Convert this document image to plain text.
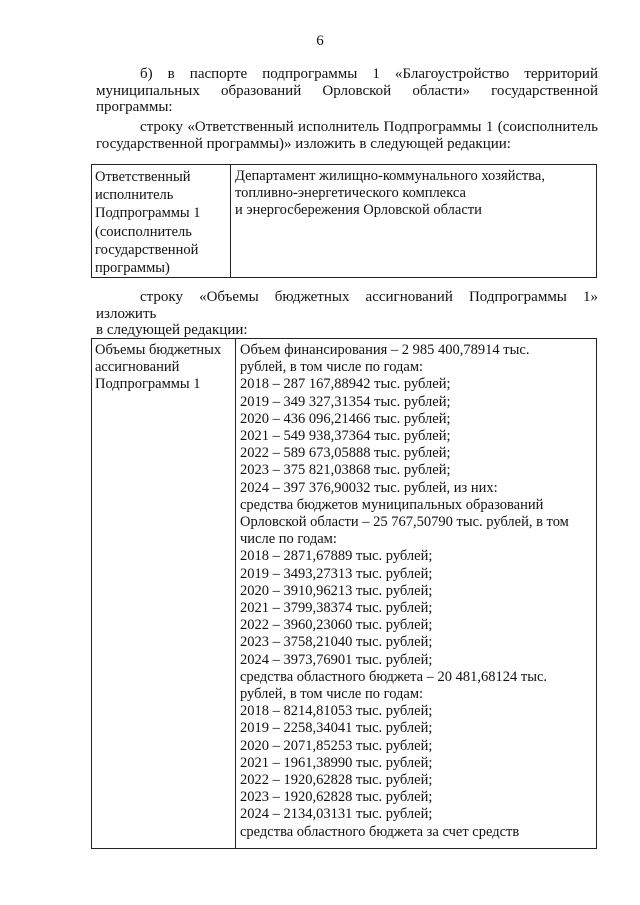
6
б) в паспорте подпрограммы 1 «Благоустройство территорий
муниципальных образований Орловской области» государственной
программы:
строку «Ответственный исполнитель Подпрограммы 1 (соисполнитель
государственной программы)» изложить в следующей редакции:
Ответственный
исполнитель
Подпрограммы 1
(соисполнитель
государственной
программы)

Департамент жилищно-коммунального хозяйства,
топливно-энергетического комплекса
и энергосбережения Орловской области
строку «Объемы бюджетных ассигнований Подпрограммы 1» изложить
в следующей редакции:
Объемы бюджетных
ассигнований
Подпрограммы 1

Объем финансирования – 2 985 400,78914 тыс.
рублей, в том числе по годам:
2018 – 287 167,88942 тыс. рублей;
2019 – 349 327,31354 тыс. рублей;
2020 – 436 096,21466 тыс. рублей;
2021 – 549 938,37364 тыс. рублей;
2022 – 589 673,05888 тыс. рублей;
2023 – 375 821,03868 тыс. рублей;
2024 – 397 376,90032 тыс. рублей, из них:
средства бюджетов муниципальных образований
Орловской области – 25 767,50790 тыс. рублей, в том
числе по годам:
2018 – 2871,67889 тыс. рублей;
2019 – 3493,27313 тыс. рублей;
2020 – 3910,96213 тыс. рублей;
2021 – 3799,38374 тыс. рублей;
2022 – 3960,23060 тыс. рублей;
2023 – 3758,21040 тыс. рублей;
2024 – 3973,76901 тыс. рублей;
средства областного бюджета – 20 481,68124 тыс.
рублей, в том числе по годам:
2018 – 8214,81053 тыс. рублей;
2019 – 2258,34041 тыс. рублей;
2020 – 2071,85253 тыс. рублей;
2021 – 1961,38990 тыс. рублей;
2022 – 1920,62828 тыс. рублей;
2023 – 1920,62828 тыс. рублей;
2024 – 2134,03131 тыс. рублей;
средства областного бюджета за счет средств
